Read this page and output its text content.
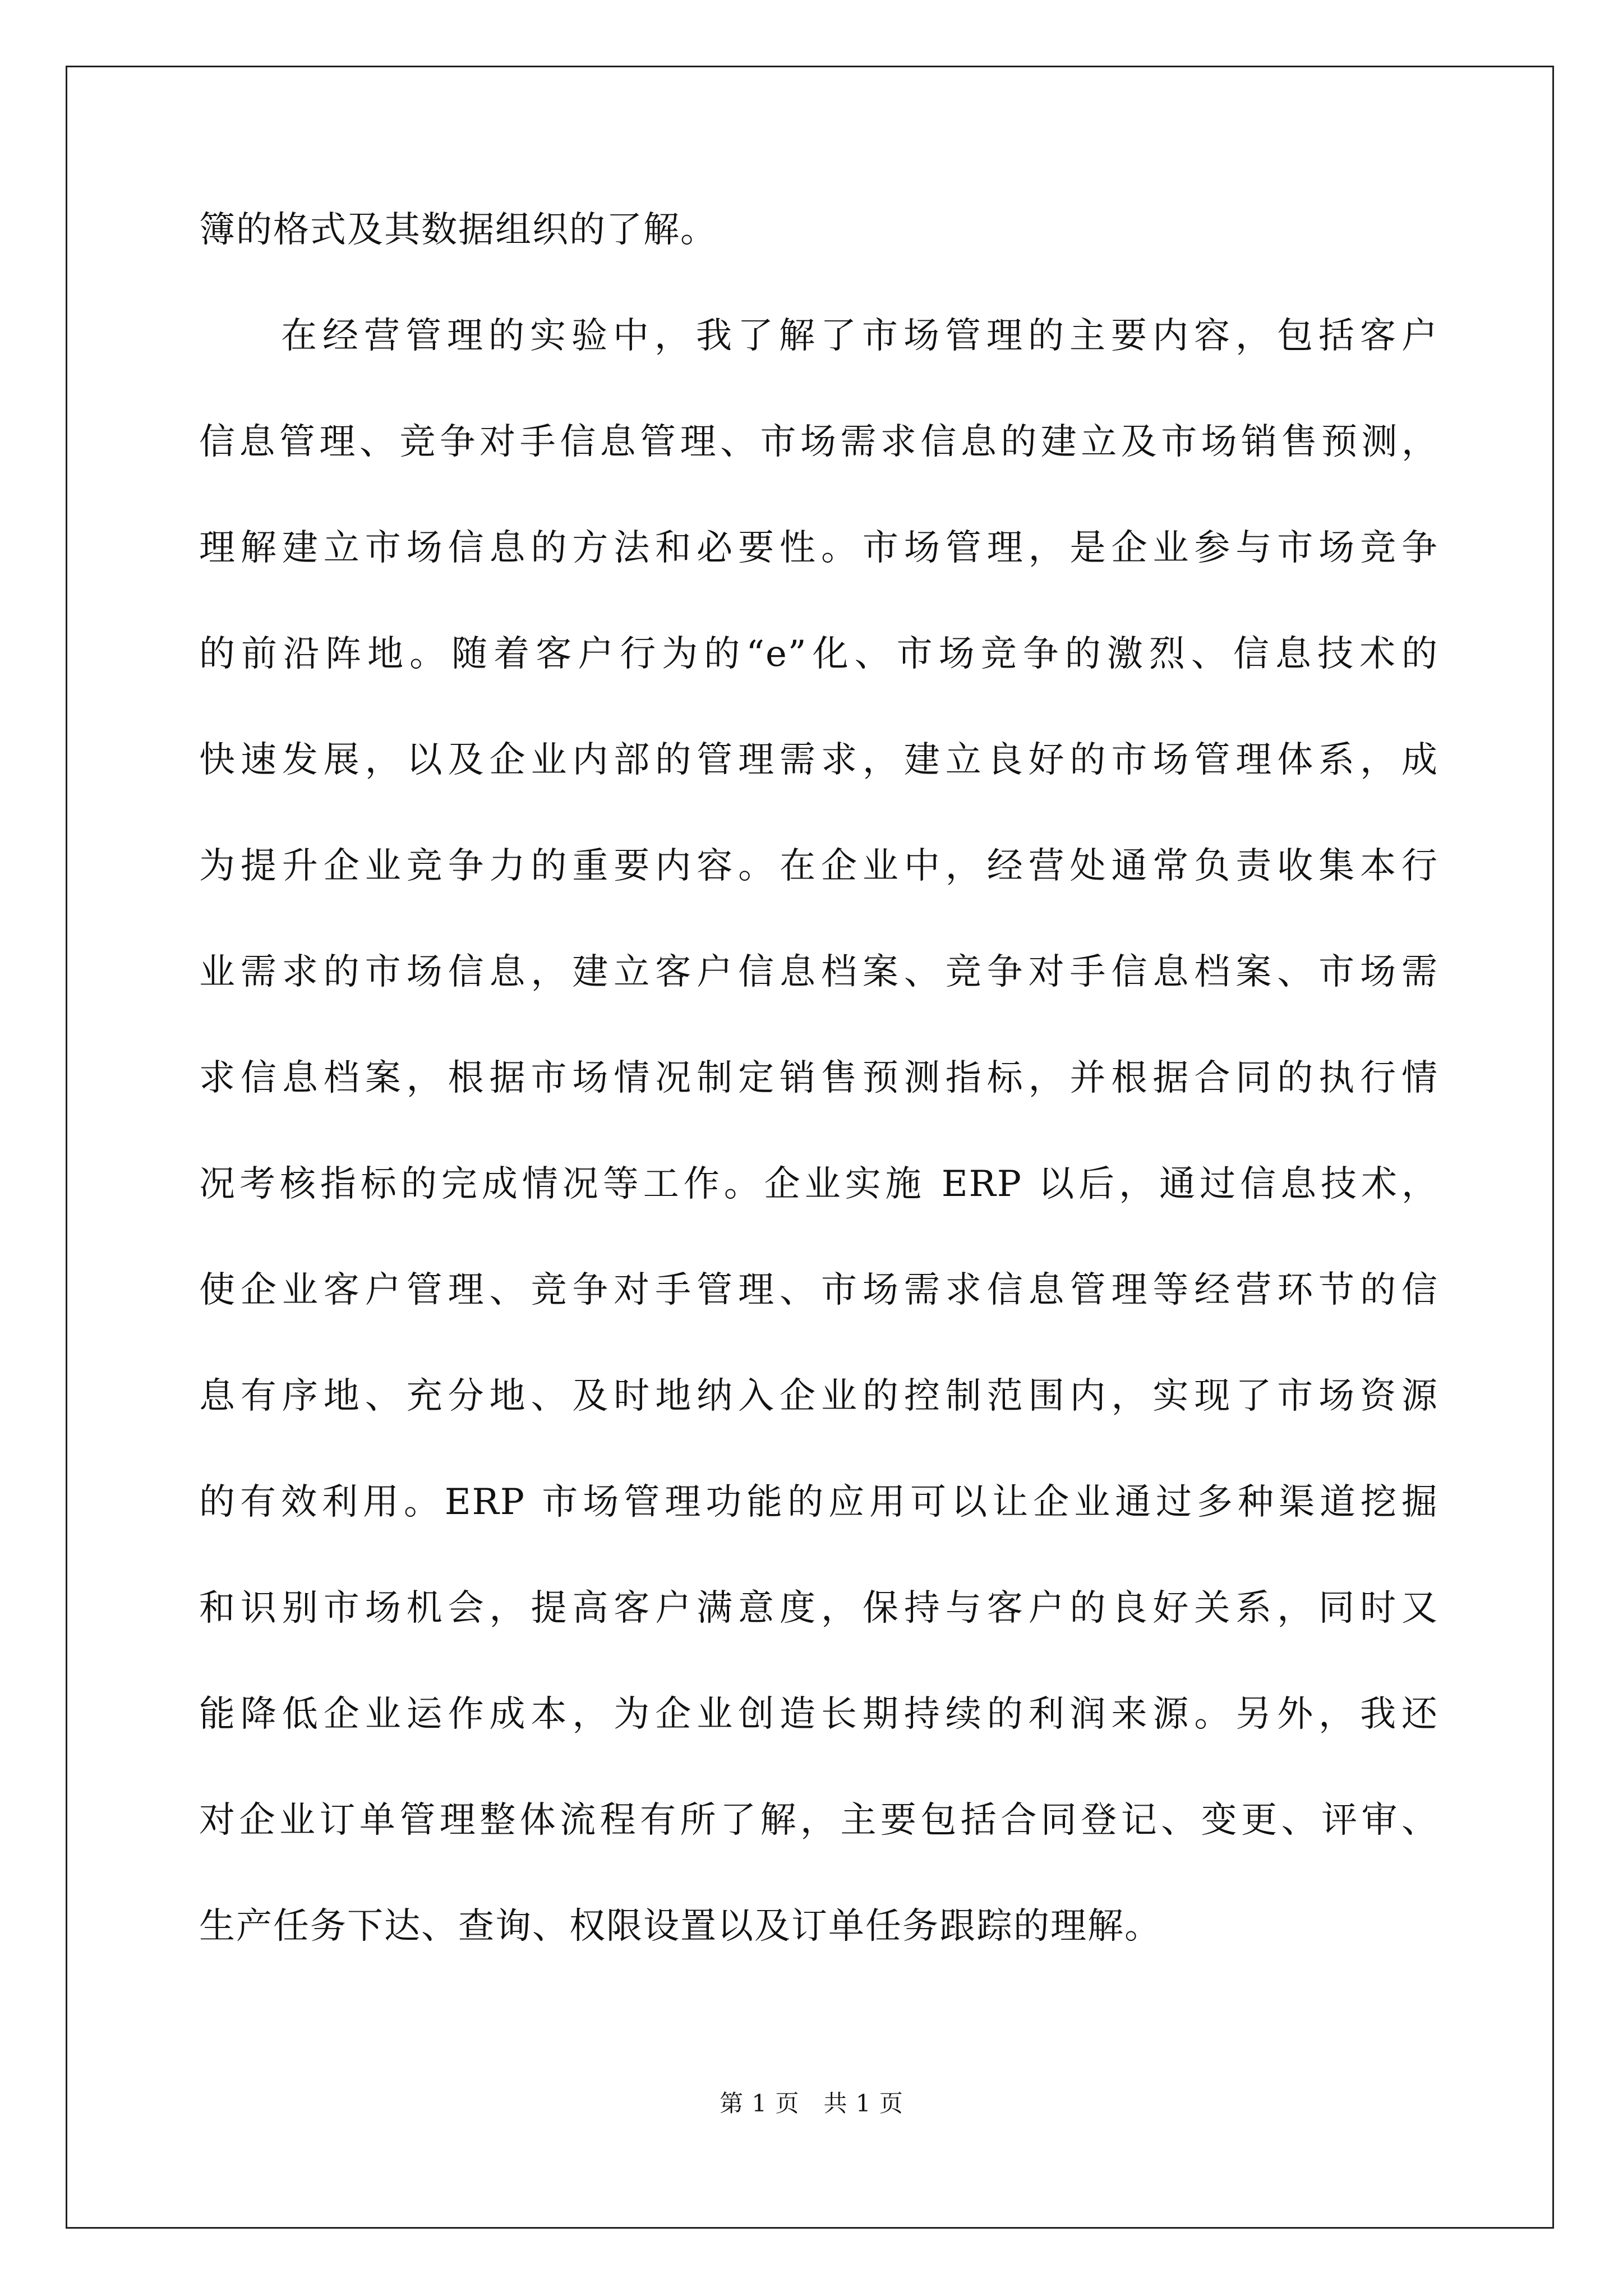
簿的格式及其数据组织的了解。
在经营管理的实验中，我了解了市场管理的主要内容，包括客户
信息管理、竞争对手信息管理、市场需求信息的建立及市场销售预测，
理解建立市场信息的方法和必要性。市场管理，是企业参与市场竞争
的前沿阵地。随着客户行为的“e”化、市场竞争的激烈、信息技术的
快速发展，以及企业内部的管理需求，建立良好的市场管理体系，成
为提升企业竞争力的重要内容。在企业中，经营处通常负责收集本行
业需求的市场信息，建立客户信息档案、竞争对手信息档案、市场需
求信息档案，根据市场情况制定销售预测指标，并根据合同的执行情
况考核指标的完成情况等工作。企业实施 ERP 以后，通过信息技术，
使企业客户管理、竞争对手管理、市场需求信息管理等经营环节的信
息有序地、充分地、及时地纳入企业的控制范围内，实现了市场资源
的有效利用。ERP 市场管理功能的应用可以让企业通过多种渠道挖掘
和识别市场机会，提高客户满意度，保持与客户的良好关系，同时又
能降低企业运作成本，为企业创造长期持续的利润来源。另外，我还
对企业订单管理整体流程有所了解，主要包括合同登记、变更、评审、
生产任务下达、查询、权限设置以及订单任务跟踪的理解。
第 1 页　共 1 页
